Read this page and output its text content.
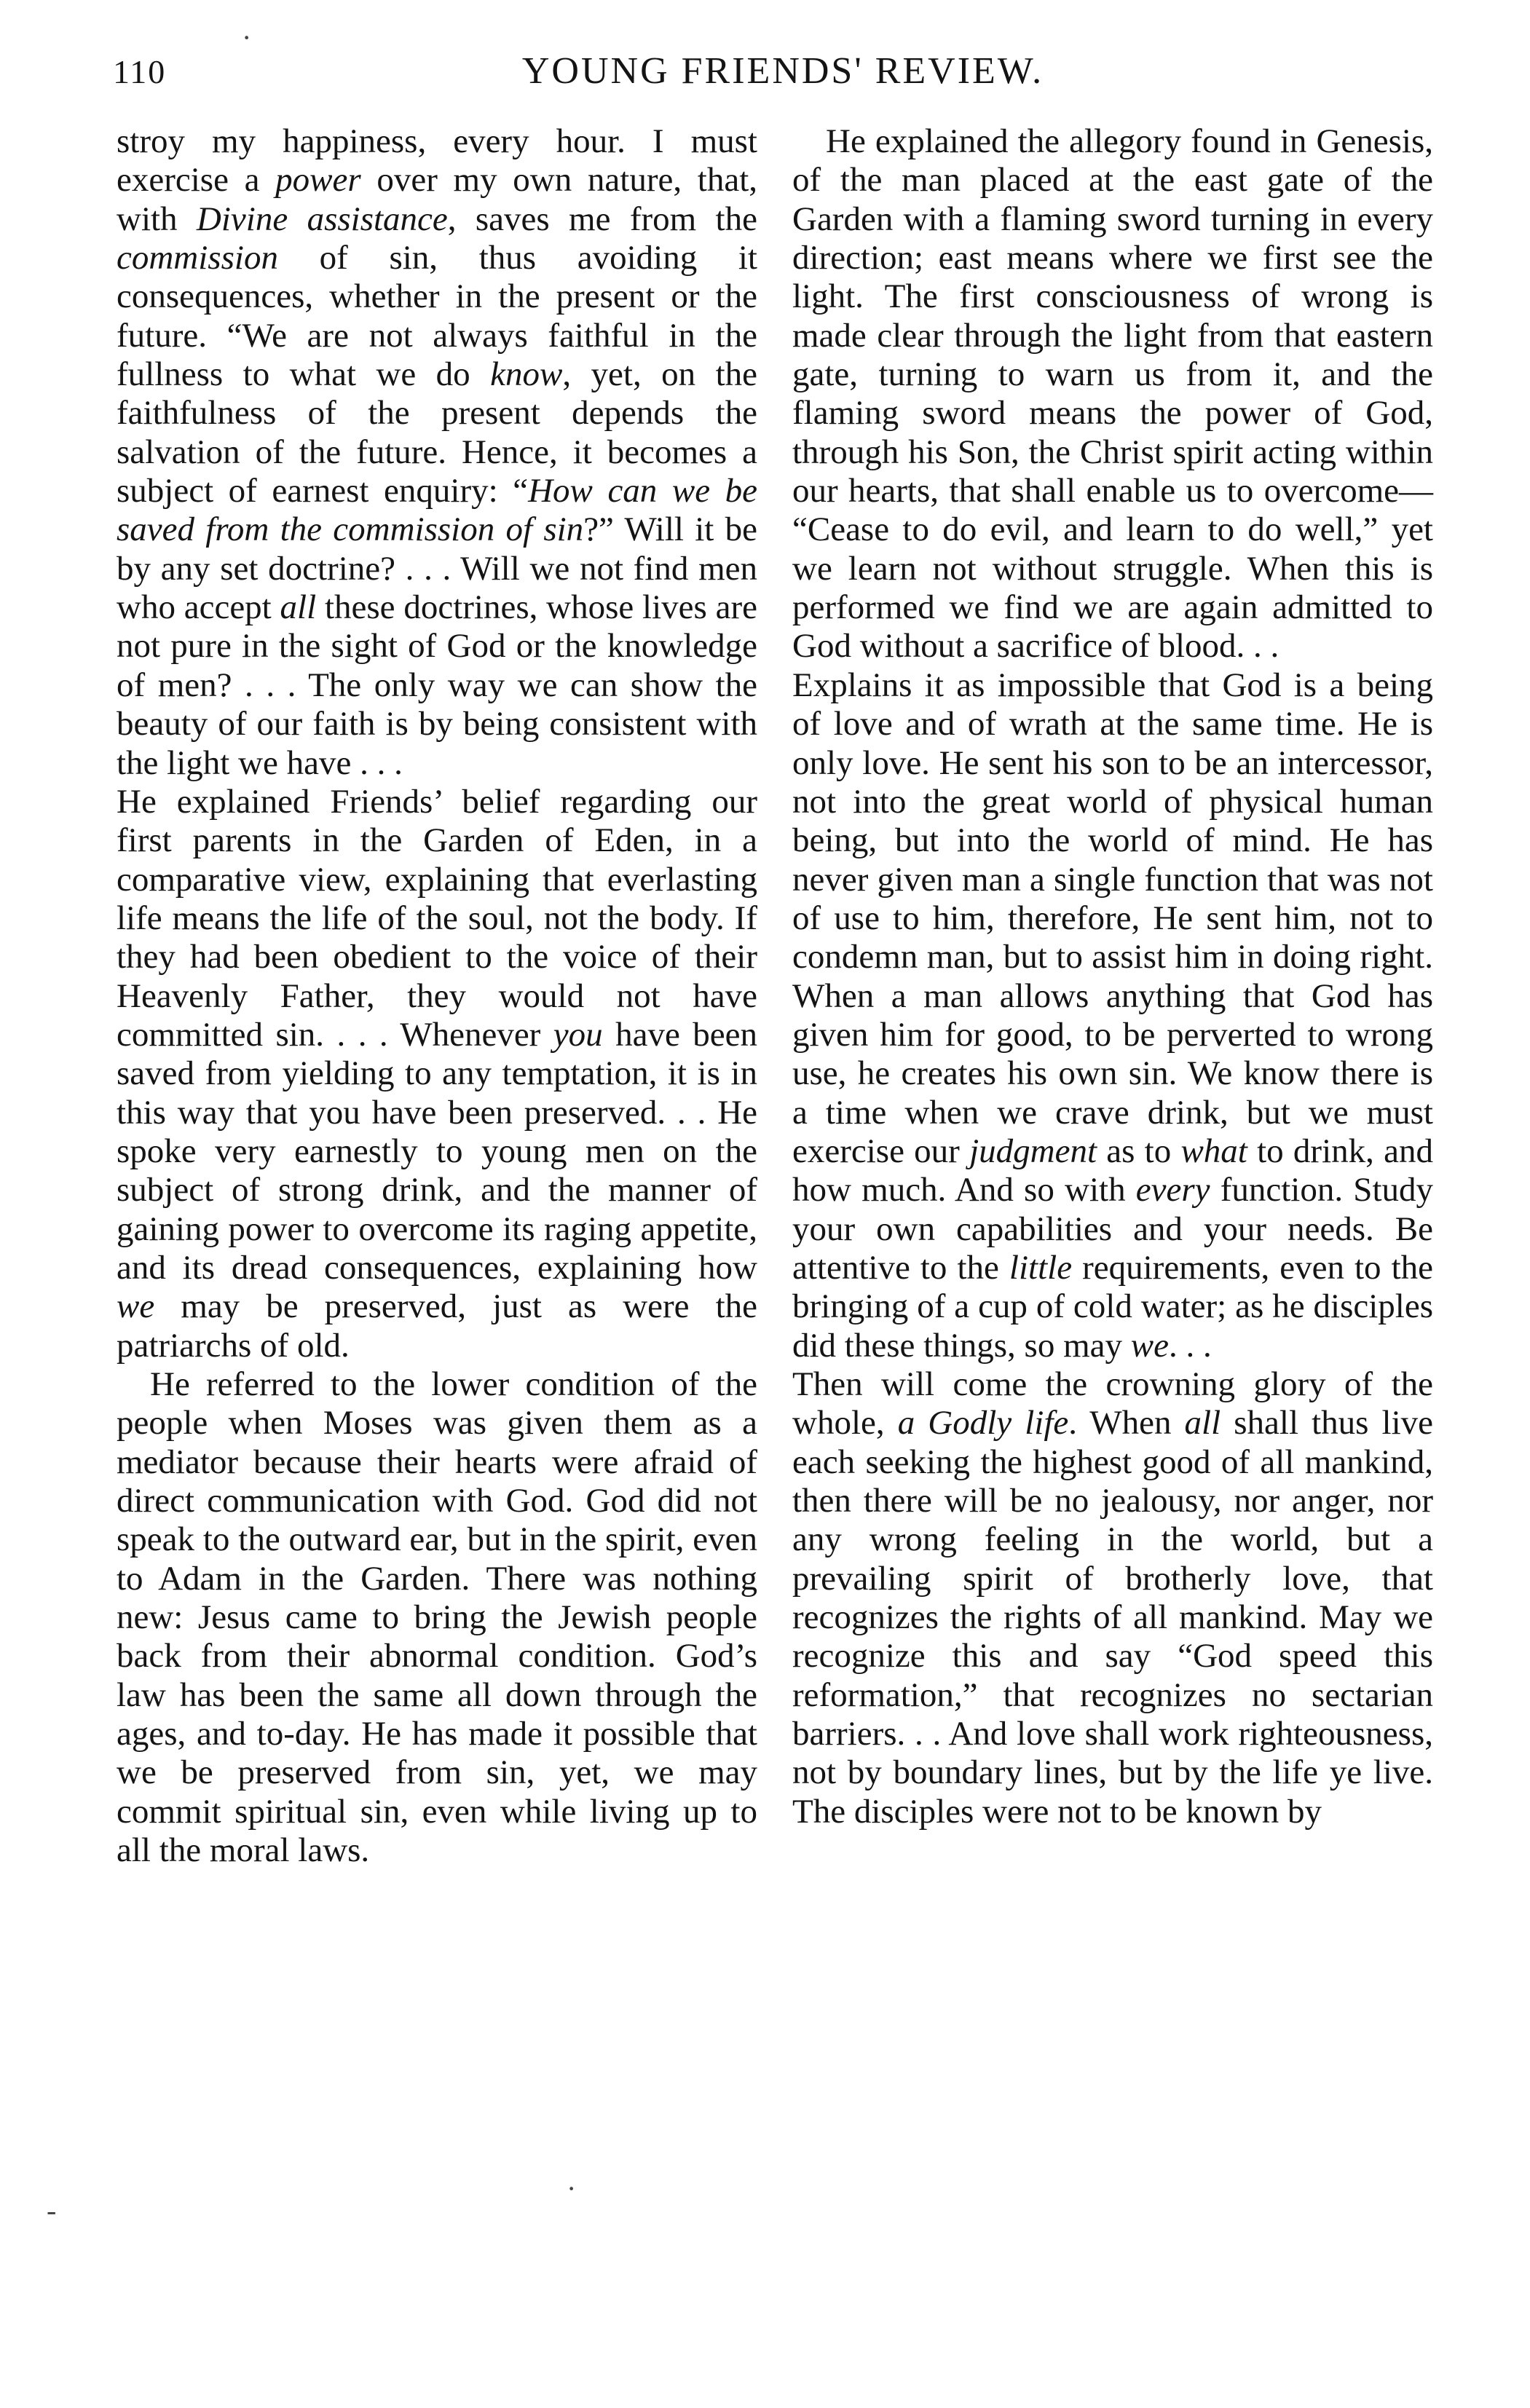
110	YOUNG FRIENDS' REVIEW.

stroy my happiness, every hour. I must exercise a power over my own nature, that, with Divine assistance, saves me from the commission of sin, thus avoiding it consequences, whether in the present or the future. “We are not always faithful in the fullness to what we do know, yet, on the faithfulness of the present depends the salvation of the future. Hence, it becomes a subject of earnest enquiry: “How can we be saved from the commission of sin?” Will it be by any set doctrine? . . . Will we not find men who accept all these doctrines, whose lives are not pure in the sight of God or the knowledge of men? . . . The only way we can show the beauty of our faith is by being consistent with the light we have . . .

He explained Friends’ belief regarding our first parents in the Garden of Eden, in a comparative view, explaining that everlasting life means the life of the soul, not the body. If they had been obedient to the voice of their Heavenly Father, they would not have committed sin. . . . Whenever you have been saved from yielding to any temptation, it is in this way that you have been preserved. . . He spoke very earnestly to young men on the subject of strong drink, and the manner of gaining power to overcome its raging appetite, and its dread consequences, explaining how we may be preserved, just as were the patriarchs of old.

He referred to the lower condition of the people when Moses was given them as a mediator because their hearts were afraid of direct communication with God. God did not speak to the outward ear, but in the spirit, even to Adam in the Garden. There was nothing new: Jesus came to bring the Jewish people back from their abnormal condition. God’s law has been the same all down through the ages, and to-day. He has made it possible that we be preserved from sin, yet, we may commit spiritual sin, even while living up to all the moral laws.

He explained the allegory found in Genesis, of the man placed at the east gate of the Garden with a flaming sword turning in every direction; east means where we first see the light. The first consciousness of wrong is made clear through the light from that eastern gate, turning to warn us from it, and the flaming sword means the power of God, through his Son, the Christ spirit acting within our hearts, that shall enable us to overcome— “Cease to do evil, and learn to do well,” yet we learn not without struggle. When this is performed we find we are again admitted to God without a sacrifice of blood. . .

Explains it as impossible that God is a being of love and of wrath at the same time. He is only love. He sent his son to be an intercessor, not into the great world of physical human being, but into the world of mind. He has never given man a single function that was not of use to him, therefore, He sent him, not to condemn man, but to assist him in doing right. When a man allows anything that God has given him for good, to be perverted to wrong use, he creates his own sin. We know there is a time when we crave drink, but we must exercise our judgment as to what to drink, and how much. And so with every function. Study your own capabilities and your needs. Be attentive to the little requirements, even to the bringing of a cup of cold water; as he disciples did these things, so may we. . .

Then will come the crowning glory of the whole, a Godly life. When all shall thus live each seeking the highest good of all mankind, then there will be no jealousy, nor anger, nor any wrong feeling in the world, but a prevailing spirit of brotherly love, that recognizes the rights of all mankind. May we recognize this and say “God speed this reformation,” that recognizes no sectarian barriers. . . And love shall work righteousness, not by boundary lines, but by the life ye live. The disciples were not to be known by

·
-
·
